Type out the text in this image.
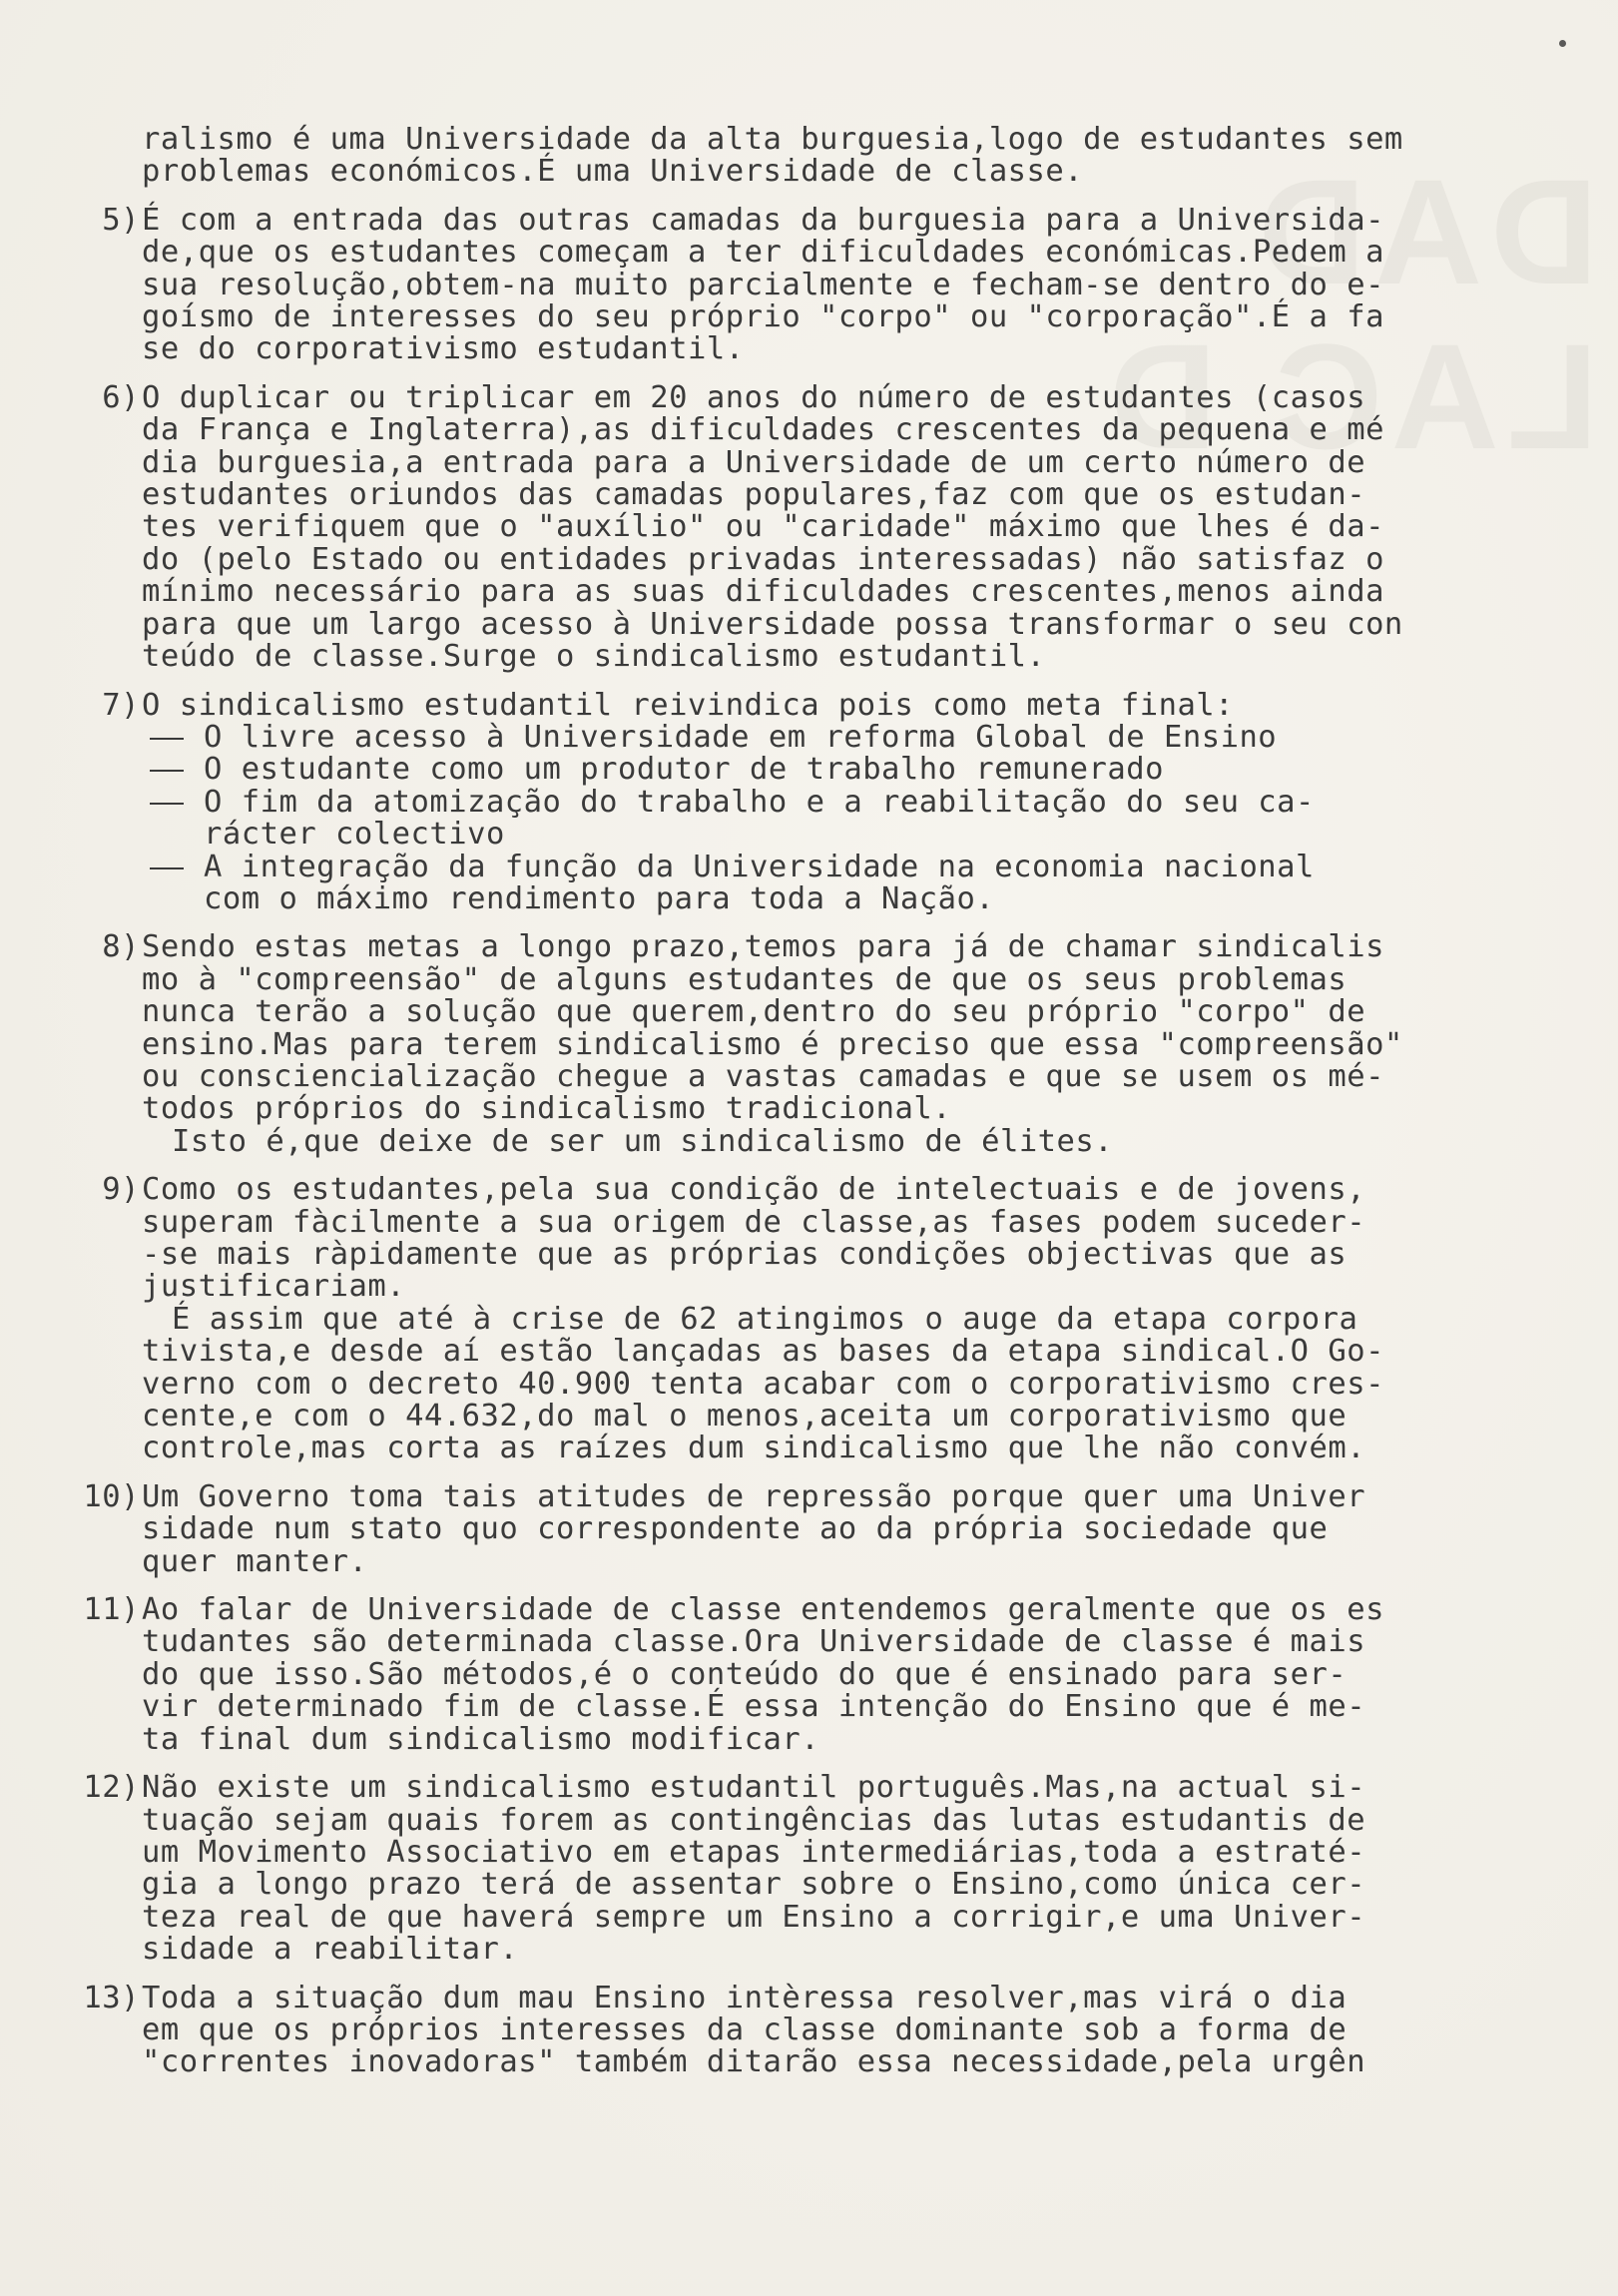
ralismo é uma Universidade da alta burguesia,logo de estudantes sem
problemas económicos.É uma Universidade de classe.
5) É com a entrada das outras camadas da burguesia para a Universida-
de,que os estudantes começam a ter dificuldades económicas.Pedem a
sua resolução,obtem-na muito parcialmente e fecham-se dentro do e-
goísmo de interesses do seu próprio "corpo" ou "corporação".É a fa
se do corporativismo estudantil.
6) O duplicar ou triplicar em 20 anos do número de estudantes (casos
da França e Inglaterra),as dificuldades crescentes da pequena e mé
dia burguesia,a entrada para a Universidade de um certo número de
estudantes oriundos das camadas populares,faz com que os estudan-
tes verifiquem que o "auxílio" ou "caridade" máximo que lhes é da-
do (pelo Estado ou entidades privadas interessadas) não satisfaz o
mínimo necessário para as suas dificuldades crescentes,menos ainda
para que um largo acesso à Universidade possa transformar o seu con
teúdo de classe.Surge o sindicalismo estudantil.
7) O sindicalismo estudantil reivindica pois como meta final:
O livre acesso à Universidade em reforma Global de Ensino
O estudante como um produtor de trabalho remunerado
O fim da atomização do trabalho e a reabilitação do seu ca-
rácter colectivo
A integração da função da Universidade na economia nacional
com o máximo rendimento para toda a Nação.
8) Sendo estas metas a longo prazo,temos para já de chamar sindicalis
mo à "compreensão" de alguns estudantes de que os seus problemas
nunca terão a solução que querem,dentro do seu próprio "corpo" de
ensino.Mas para terem sindicalismo é preciso que essa "compreensão"
ou consciencialização chegue a vastas camadas e que se usem os mé-
todos próprios do sindicalismo tradicional.
Isto é,que deixe de ser um sindicalismo de élites.
9) Como os estudantes,pela sua condição de intelectuais e de jovens,
superam fàcilmente a sua origem de classe,as fases podem suceder-
-se mais ràpidamente que as próprias condições objectivas que as
justificariam.
É assim que até à crise de 62 atingimos o auge da etapa corpora
tivista,e desde aí estão lançadas as bases da etapa sindical.O Go-
verno com o decreto 40.900 tenta acabar com o corporativismo cres-
cente,e com o 44.632,do mal o menos,aceita um corporativismo que
controle,mas corta as raízes dum sindicalismo que lhe não convém.
10) Um Governo toma tais atitudes de repressão porque quer uma Univer
sidade num stato quo correspondente ao da própria sociedade que
quer manter.
11) Ao falar de Universidade de classe entendemos geralmente que os es
tudantes são determinada classe.Ora Universidade de classe é mais
do que isso.São métodos,é o conteúdo do que é ensinado para ser-
vir determinado fim de classe.É essa intenção do Ensino que é me-
ta final dum sindicalismo modificar.
12) Não existe um sindicalismo estudantil português.Mas,na actual si-
tuação sejam quais forem as contingências das lutas estudantis de
um Movimento Associativo em etapas intermediárias,toda a estraté-
gia a longo prazo terá de assentar sobre o Ensino,como única cer-
teza real de que haverá sempre um Ensino a corrigir,e uma Univer-
sidade a reabilitar.
13) Toda a situação dum mau Ensino intèressa resolver,mas virá o dia
em que os próprios interesses da classe dominante sob a forma de
"correntes inovadoras" também ditarão essa necessidade,pela urgên
